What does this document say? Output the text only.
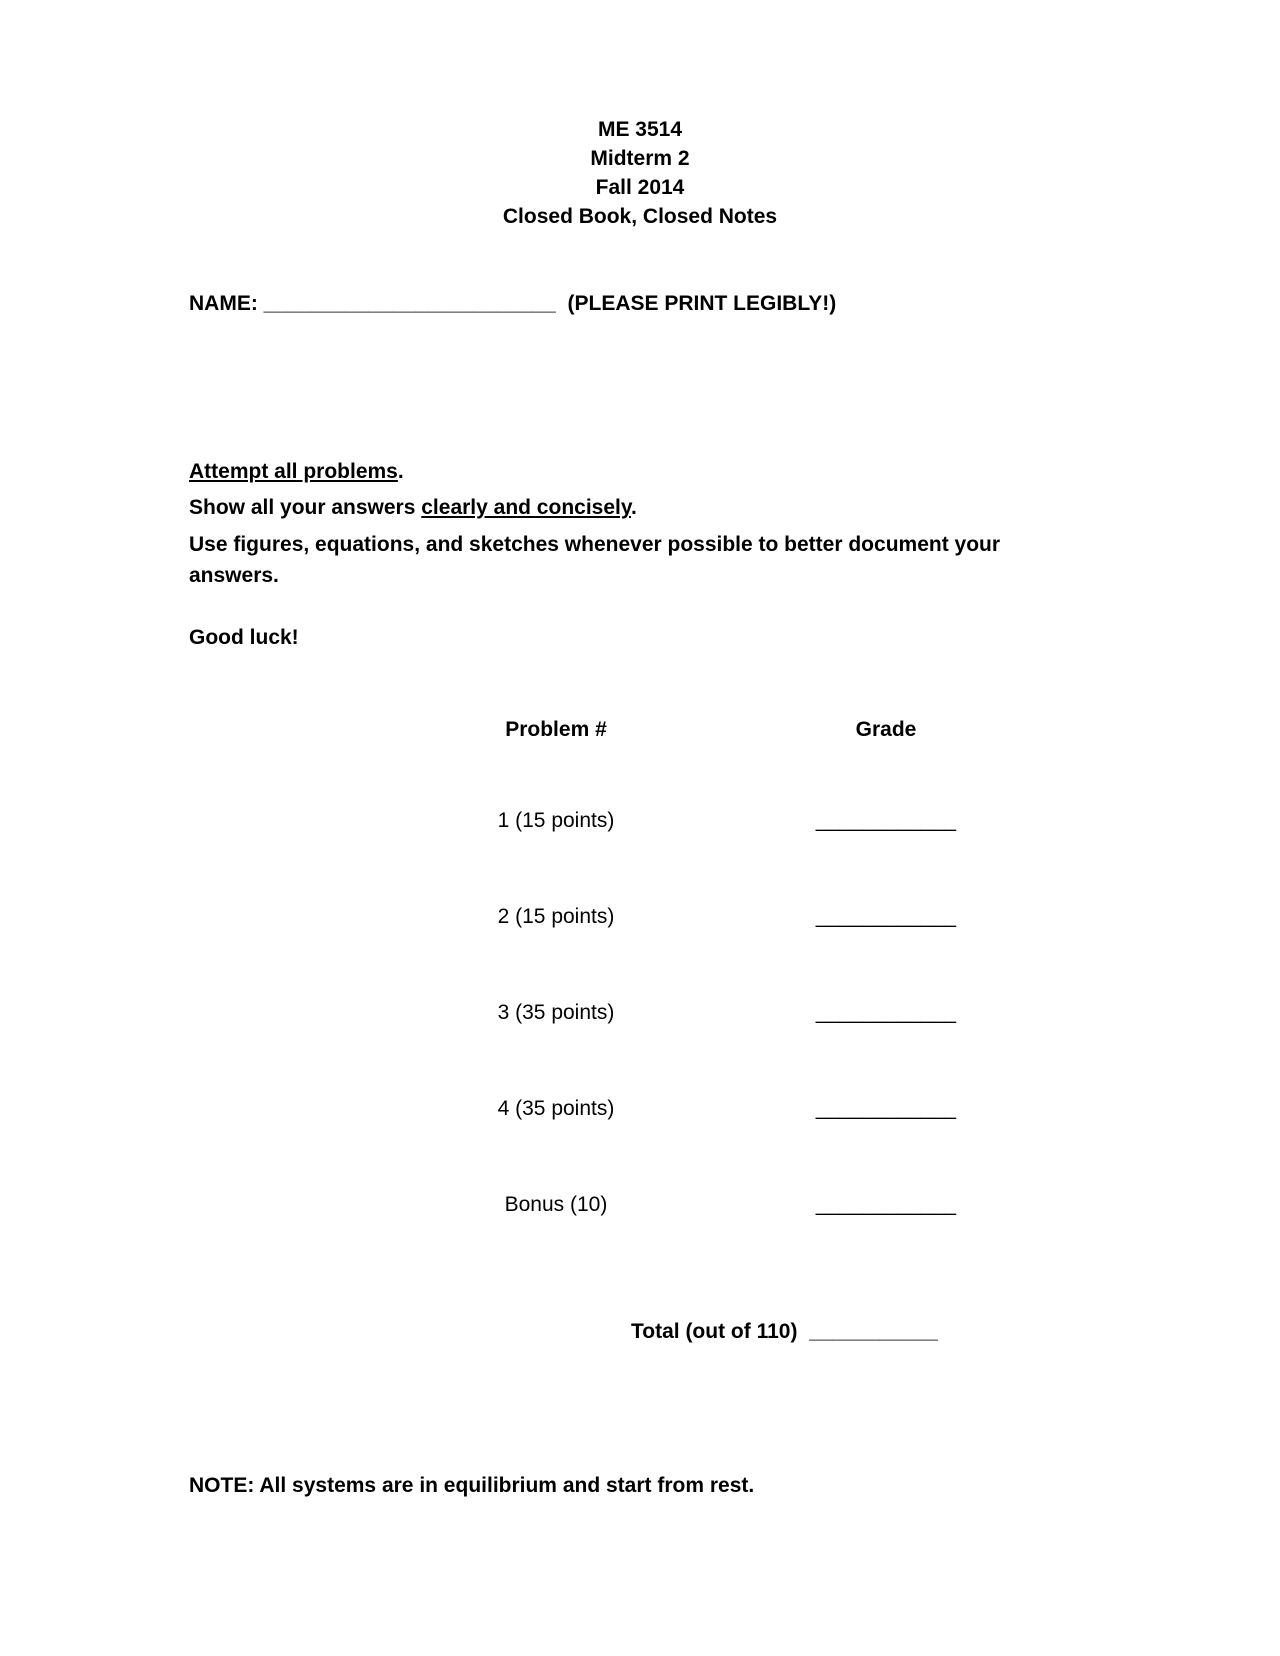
ME 3514
Midterm 2
Fall 2014
Closed Book, Closed Notes
NAME: _________________________ (PLEASE PRINT LEGIBLY!)
Attempt all problems.
Show all your answers clearly and concisely.
Use figures, equations, and sketches whenever possible to better document your
answers.
Good luck!
Problem #	Grade
1 (15 points)	____________
2 (15 points)	____________
3 (35 points)	____________
4 (35 points)	____________
Bonus (10)	____________
Total (out of 110) ___________
NOTE: All systems are in equilibrium and start from rest.
